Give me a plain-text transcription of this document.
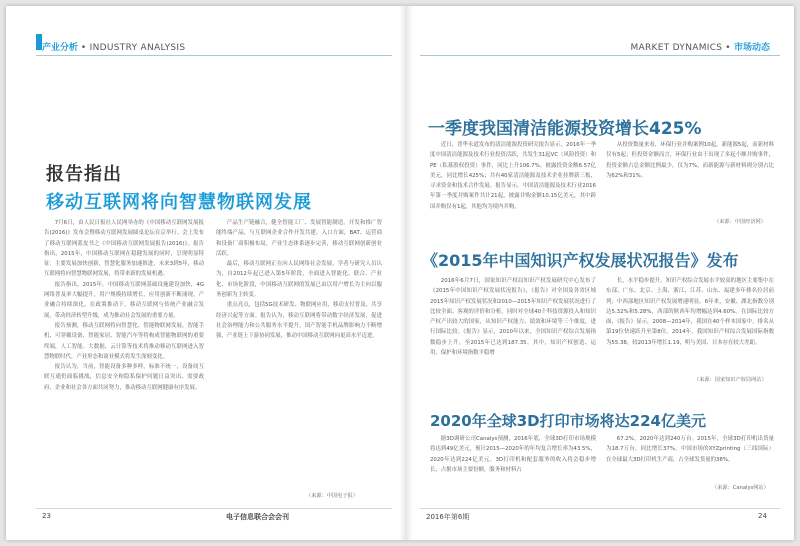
产业分析 • INDUSTRY ANALYSIS	MARKET DYNAMICS • 市场动态
报告指出
移动互联网将向智慧物联网发展

7月6日，由人民日报社人民网举办的《中国移动互联网发展报告(2016)》发布会暨移动互联网发展圆桌论坛在京举行。会上发布了移动互联网蓝皮书之《中国移动互联网发展报告(2016)》。报告指出，2015年，中国移动互联网在稳健发展的同时，呈现明显特征：主要发展加快创新，智慧化服务加速推进，未来3到5年，移动互联网将向智慧物联网发展，将带来新的发展机遇。

报告指出，2015年，中国移动互联网基础设施建设加快，4G网络普及率大幅提升，用户规模持续增长，应用创新不断涌现，产业融合持续深化。在政策推动下，移动互联网与传统产业融合发展，带动经济转型升级，成为推动社会发展的重要力量。

报告预测，移动互联网将向智慧化、智能物联网发展。智能手机、可穿戴设备、智能家居、智能汽车等将构成智能物联网的重要终端，人工智能、大数据、云计算等技术将推动移动互联网进入智慧物联时代，产业形态和商业模式将发生深刻变化。

报告认为，当前，智能设备多种多样，标准不统一，设备间互联互通仍面临挑战，信息安全和隐私保护问题日益突出，需要政府、企业和社会各方面共同努力，推动移动互联网健康有序发展。

产品生产链融合，健全智能工厂、发展智能制造，开发和推广智能终端产品，与互联网企业合作开发共建，入口方面，BAT、运营商和设备厂商积极布局，产业生态体系逐步完善，移动互联网创新创业活跃。

最后，移动互联网正在向人民网络社会发展，学者与研究人员认为，自2012年起已进入第5年阶段，全面进入智能化、联合、产业化、市场化阶段，中国移动互联网的发展已由以用户增长为主向以服务创新为主转变。

重点亮点，包括5G技术研发、物联网应用、移动支付普及、共享经济兴起等方面。报告认为，移动互联网将带动数字经济发展，促进社会治理能力和公共服务水平提升，国产智能手机品牌影响力不断增强，产业链上下游协同发展，推动中国移动互联网向更高水平迈进。

（来源：中国电子报）
一季度我国清洁能源投资增长425%

近日，普华永道发布的清洁能源投资研究报告显示，2016年一季度中国清洁能源及技术行业投资活跃，共发生31起VC（风险投资）和PE（私募股权投资）事件，同比上升106.7%，披露投资金额6.57亿美元，同比增长425%；共有40家清洁能源及技术企业挂牌新三板，寻求资金和技术合作发展。报告显示，中国清洁能源及技术行业2016年第一季度并购案件共计21起，披露并购金额10.15亿美元，其中跨国并购仅有1起，其他均为境内并购。

从投资数量来看，环保行业并购案例10起，新能源5起，而新材料仅有5起；但投资金额而言，环保行业由于出现了多起小额并购事件，投资金额占总金额比例最少，仅为7%，而新能源与新材料则分别占比为62%和31%。

（来源：中国经济网）
《2015年中国知识产权发展状况报告》发布

2016年6月7日，国家知识产权局知识产权发展研究中心发布了《2015年中国知识产权发展状况报告》，《报告》对全国及各省区域2015年知识产权发展状况和2010—2015年知识产权发展状况进行了比较全面、客观的评价和分析。同时对全球40个科技资源投入和知识产权产出较大的国家，从知识产权能力、绩效和环境等三个维度，进行国际比较。《报告》显示，2010年以来，全国知识产权综合发展指数稳步上升，至2015年已达到187.35。其中，知识产权创造、运用、保护和环境指数平稳增

长，水平稳步提升。知识产权综合发展水平较高的地区主要集中在东部，广东、北京、上海、浙江、江苏、山东、福建多年排名位居前列；中西部地区知识产权发展增速明显。6年来，安徽、湖北指数分别达5.32%和5.28%，西部的陕西年均增幅达到4.60%。在国际比较方面，《报告》显示，2008—2014年，我国在40个样本国家中，排名从第19位快速跃升至第8位。2014年，我国知识产权综合发展国际指数为55.38，较2013年增长1.19，明与美国、日本存在较大差距。

（来源：国家知识产权局网站）
2020年全球3D打印市场将达224亿美元

据3D调研公司Canalys预测，2016年底，全球3D打印市场规模将达到49亿美元，预计2015—2020年的年均复合增长率为43.5%，2020年达到224亿美元。3D打印机和配套服务的收入将会稳步增长，占据市场主要份额，服务和材料占

67.2%，2020年达到240万台。2015年，全球3D打印机出货量为18.7万台，同比增长37%。中国市场的XYZprinting（三纬国际）在全球最大3D打印机生产商，占全球发货量的38%。

（来源：Canalys网站）
23	电子信息联合会会刊	2016年第6期	24
